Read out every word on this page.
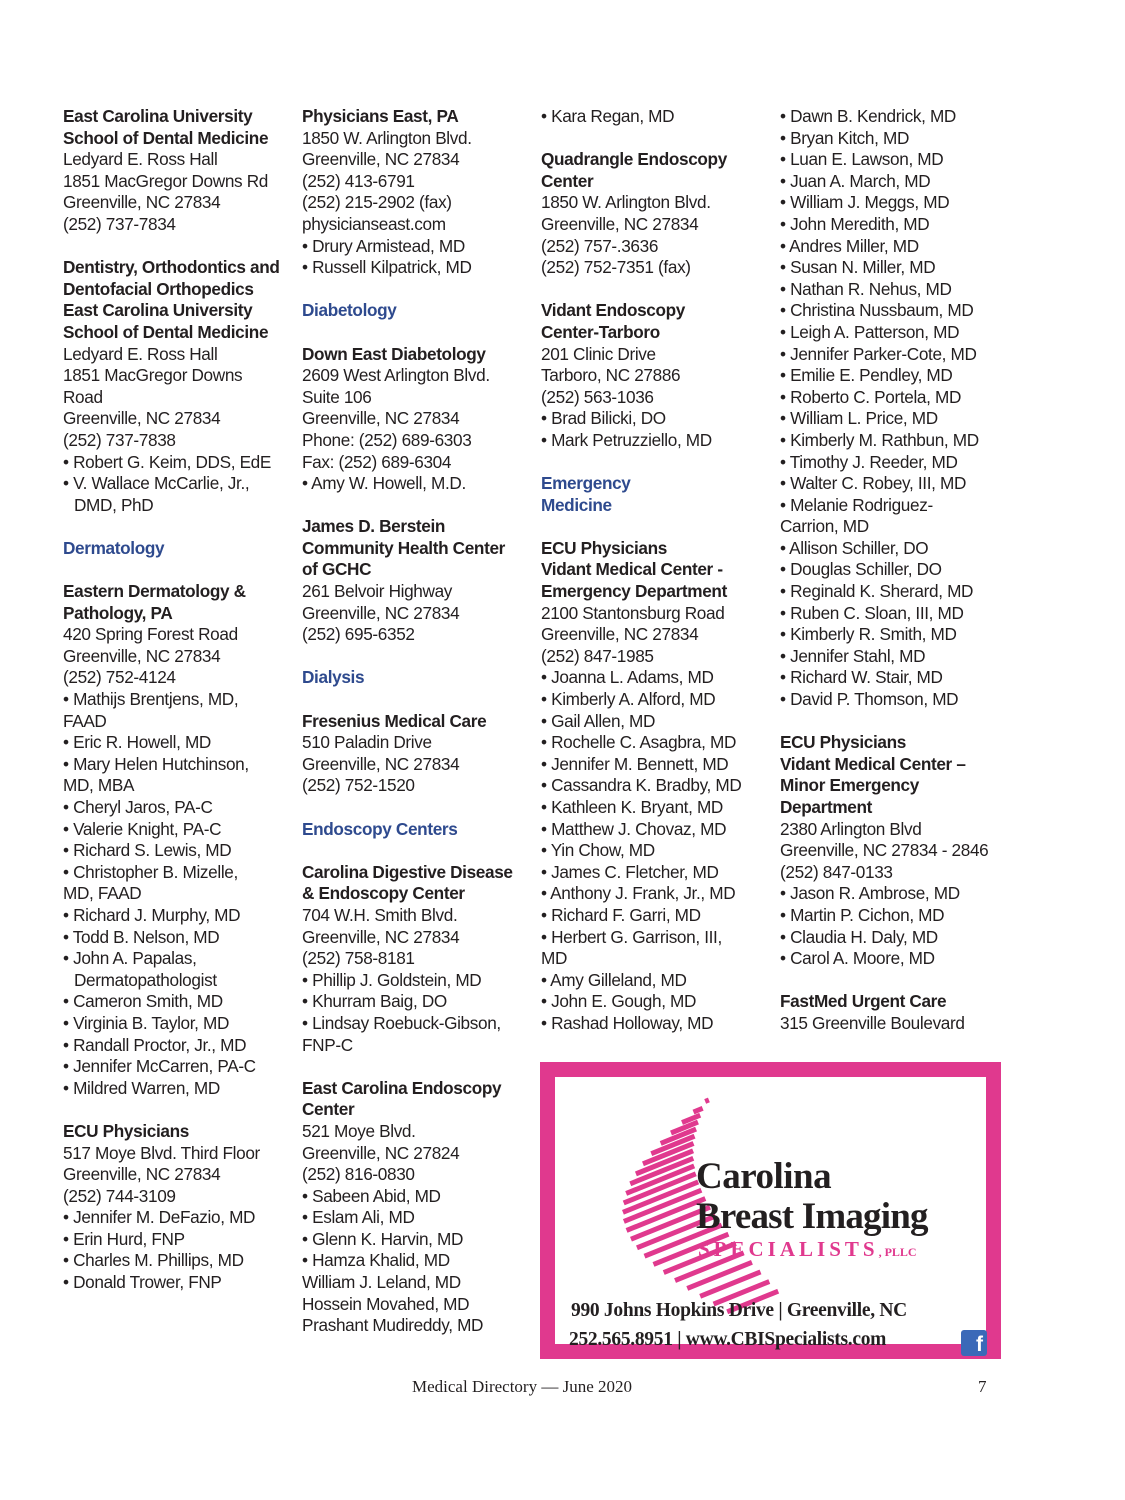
East Carolina University
School of Dental Medicine
Ledyard E. Ross Hall
1851 MacGregor Downs Rd
Greenville, NC 27834
(252) 737-7834
Dentistry, Orthodontics and
Dentofacial Orthopedics
East Carolina University
School of Dental Medicine
Ledyard E. Ross Hall
1851 MacGregor Downs
Road
Greenville, NC 27834
(252) 737-7838
• Robert G. Keim, DDS, EdE
• V. Wallace McCarlie, Jr.,
DMD, PhD
Dermatology
Eastern Dermatology &
Pathology, PA
420 Spring Forest Road
Greenville, NC 27834
(252) 752-4124
• Mathijs Brentjens, MD,
FAAD
• Eric R. Howell, MD
• Mary Helen Hutchinson,
MD, MBA
• Cheryl Jaros, PA-C
• Valerie Knight, PA-C
• Richard S. Lewis, MD
• Christopher B. Mizelle,
MD, FAAD
• Richard J. Murphy, MD
• Todd B. Nelson, MD
• John A. Papalas,
Dermatopathologist
• Cameron Smith, MD
• Virginia B. Taylor, MD
• Randall Proctor, Jr., MD
• Jennifer McCarren, PA-C
• Mildred Warren, MD
ECU Physicians
517 Moye Blvd. Third Floor
Greenville, NC 27834
(252) 744-3109
• Jennifer M. DeFazio, MD
• Erin Hurd, FNP
• Charles M. Phillips, MD
• Donald Trower, FNP
Physicians East, PA
1850 W. Arlington Blvd.
Greenville, NC 27834
(252) 413-6791
(252) 215-2902 (fax)
physicianseast.com
• Drury Armistead, MD
• Russell Kilpatrick, MD
Diabetology
Down East Diabetology
2609 West Arlington Blvd.
Suite 106
Greenville, NC 27834
Phone: (252) 689-6303
Fax: (252) 689-6304
• Amy W. Howell, M.D.
James D. Berstein
Community Health Center
of GCHC
261 Belvoir Highway
Greenville, NC 27834
(252) 695-6352
Dialysis
Fresenius Medical Care
510 Paladin Drive
Greenville, NC 27834
(252) 752-1520
Endoscopy Centers
Carolina Digestive Disease
& Endoscopy Center
704 W.H. Smith Blvd.
Greenville, NC 27834
(252) 758-8181
• Phillip J. Goldstein, MD
• Khurram Baig, DO
• Lindsay Roebuck-Gibson,
FNP-C
East Carolina Endoscopy
Center
521 Moye Blvd.
Greenville, NC 27824
(252) 816-0830
• Sabeen Abid, MD
• Eslam Ali, MD
• Glenn K. Harvin, MD
• Hamza Khalid, MD
William J. Leland, MD
Hossein Movahed, MD
Prashant Mudireddy, MD
• Kara Regan, MD
Quadrangle Endoscopy
Center
1850 W. Arlington Blvd.
Greenville, NC 27834
(252) 757-.3636
(252) 752-7351 (fax)
Vidant Endoscopy
Center-Tarboro
201 Clinic Drive
Tarboro, NC 27886
(252) 563-1036
• Brad Bilicki, DO
• Mark Petruzziello, MD
Emergency
Medicine
ECU Physicians
Vidant Medical Center -
Emergency Department
2100 Stantonsburg Road
Greenville, NC 27834
(252) 847-1985
• Joanna L. Adams, MD
• Kimberly A. Alford, MD
• Gail Allen, MD
• Rochelle C. Asagbra, MD
• Jennifer M. Bennett, MD
• Cassandra K. Bradby, MD
• Kathleen K. Bryant, MD
• Matthew J. Chovaz, MD
• Yin Chow, MD
• James C. Fletcher, MD
• Anthony J. Frank, Jr., MD
• Richard F. Garri, MD
• Herbert G. Garrison, III,
MD
• Amy Gilleland, MD
• John E. Gough, MD
• Rashad Holloway, MD
• Dawn B. Kendrick, MD
• Bryan Kitch, MD
• Luan E. Lawson, MD
• Juan A. March, MD
• William J. Meggs, MD
• John Meredith, MD
• Andres Miller, MD
• Susan N. Miller, MD
• Nathan R. Nehus, MD
• Christina Nussbaum, MD
• Leigh A. Patterson, MD
• Jennifer Parker-Cote, MD
• Emilie E. Pendley, MD
• Roberto C. Portela, MD
• William L. Price, MD
• Kimberly M. Rathbun, MD
• Timothy J. Reeder, MD
• Walter C. Robey, III, MD
• Melanie Rodriguez-
Carrion, MD
• Allison Schiller, DO
• Douglas Schiller, DO
• Reginald K. Sherard, MD
• Ruben C. Sloan, III, MD
• Kimberly R. Smith, MD
• Jennifer Stahl, MD
• Richard W. Stair, MD
• David P. Thomson, MD
ECU Physicians
Vidant Medical Center –
Minor Emergency
Department
2380 Arlington Blvd
Greenville, NC 27834 - 2846
(252) 847-0133
• Jason R. Ambrose, MD
• Martin P. Cichon, MD
• Claudia H. Daly, MD
• Carol A. Moore, MD
FastMed Urgent Care
315 Greenville Boulevard
Carolina
Breast Imaging
SPECIALISTS, PLLC
990 Johns Hopkins Drive | Greenville, NC
252.565.8951 | www.CBISpecialists.com	f
Medical Directory — June 2020	7
